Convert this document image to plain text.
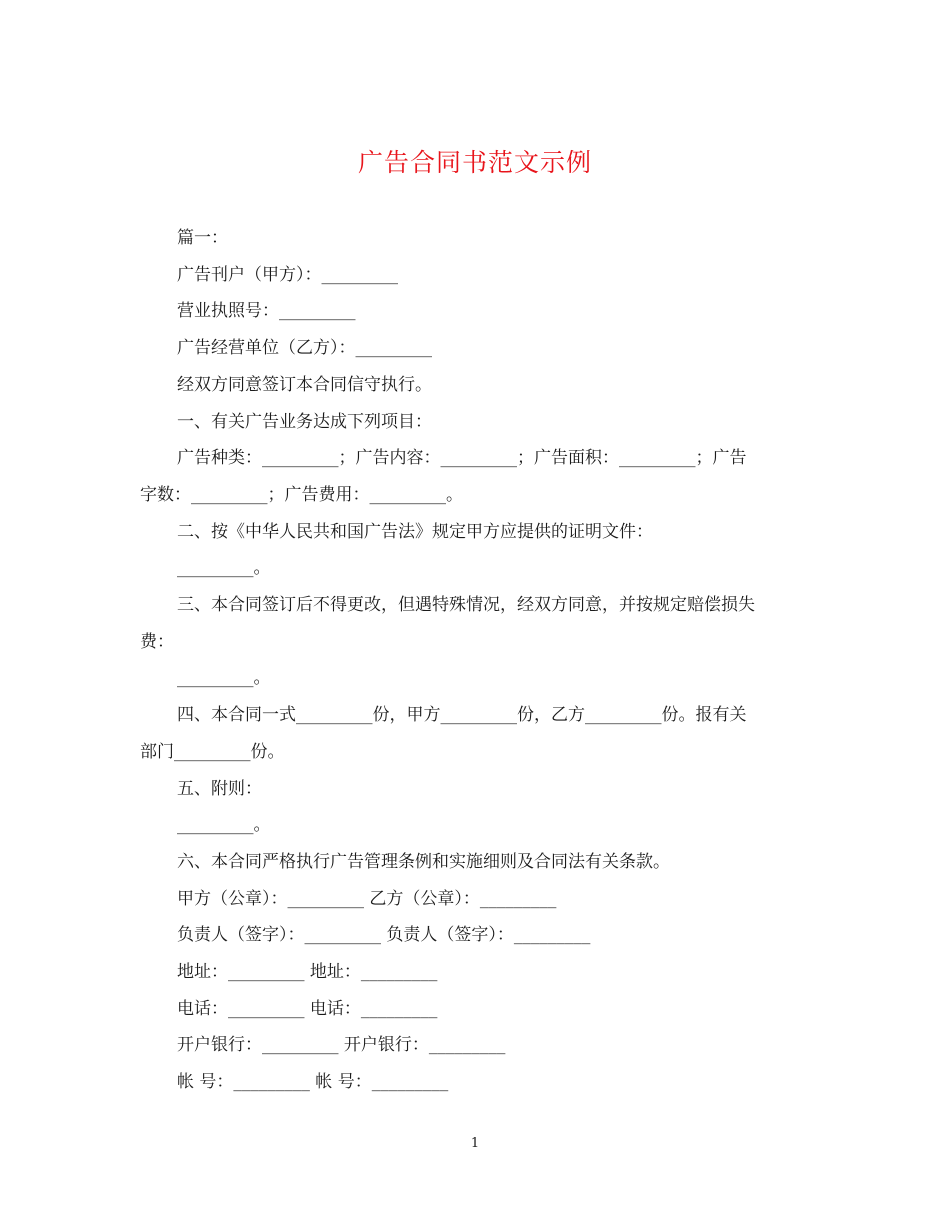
广告合同书范文示例
篇一：
广告刊户（甲方）：_________
营业执照号：_________
广告经营单位（乙方）：_________
经双方同意签订本合同信守执行。
一、有关广告业务达成下列项目：
广告种类：_________；广告内容：_________；广告面积：_________；广告
字数：_________；广告费用：_________。
二、按《中华人民共和国广告法》规定甲方应提供的证明文件：
_________。
三、本合同签订后不得更改，但遇特殊情况，经双方同意，并按规定赔偿损失
费：
_________。
四、本合同一式_________份，甲方_________份，乙方_________份。报有关
部门_________份。
五、附则：
_________。
六、本合同严格执行广告管理条例和实施细则及合同法有关条款。
甲方（公章）：_________ 乙方（公章）：_________
负责人（签字）：_________ 负责人（签字）：_________
地址：_________ 地址：_________
电话：_________ 电话：_________
开户银行：_________ 开户银行：_________
帐 号：_________ 帐 号：_________
1
